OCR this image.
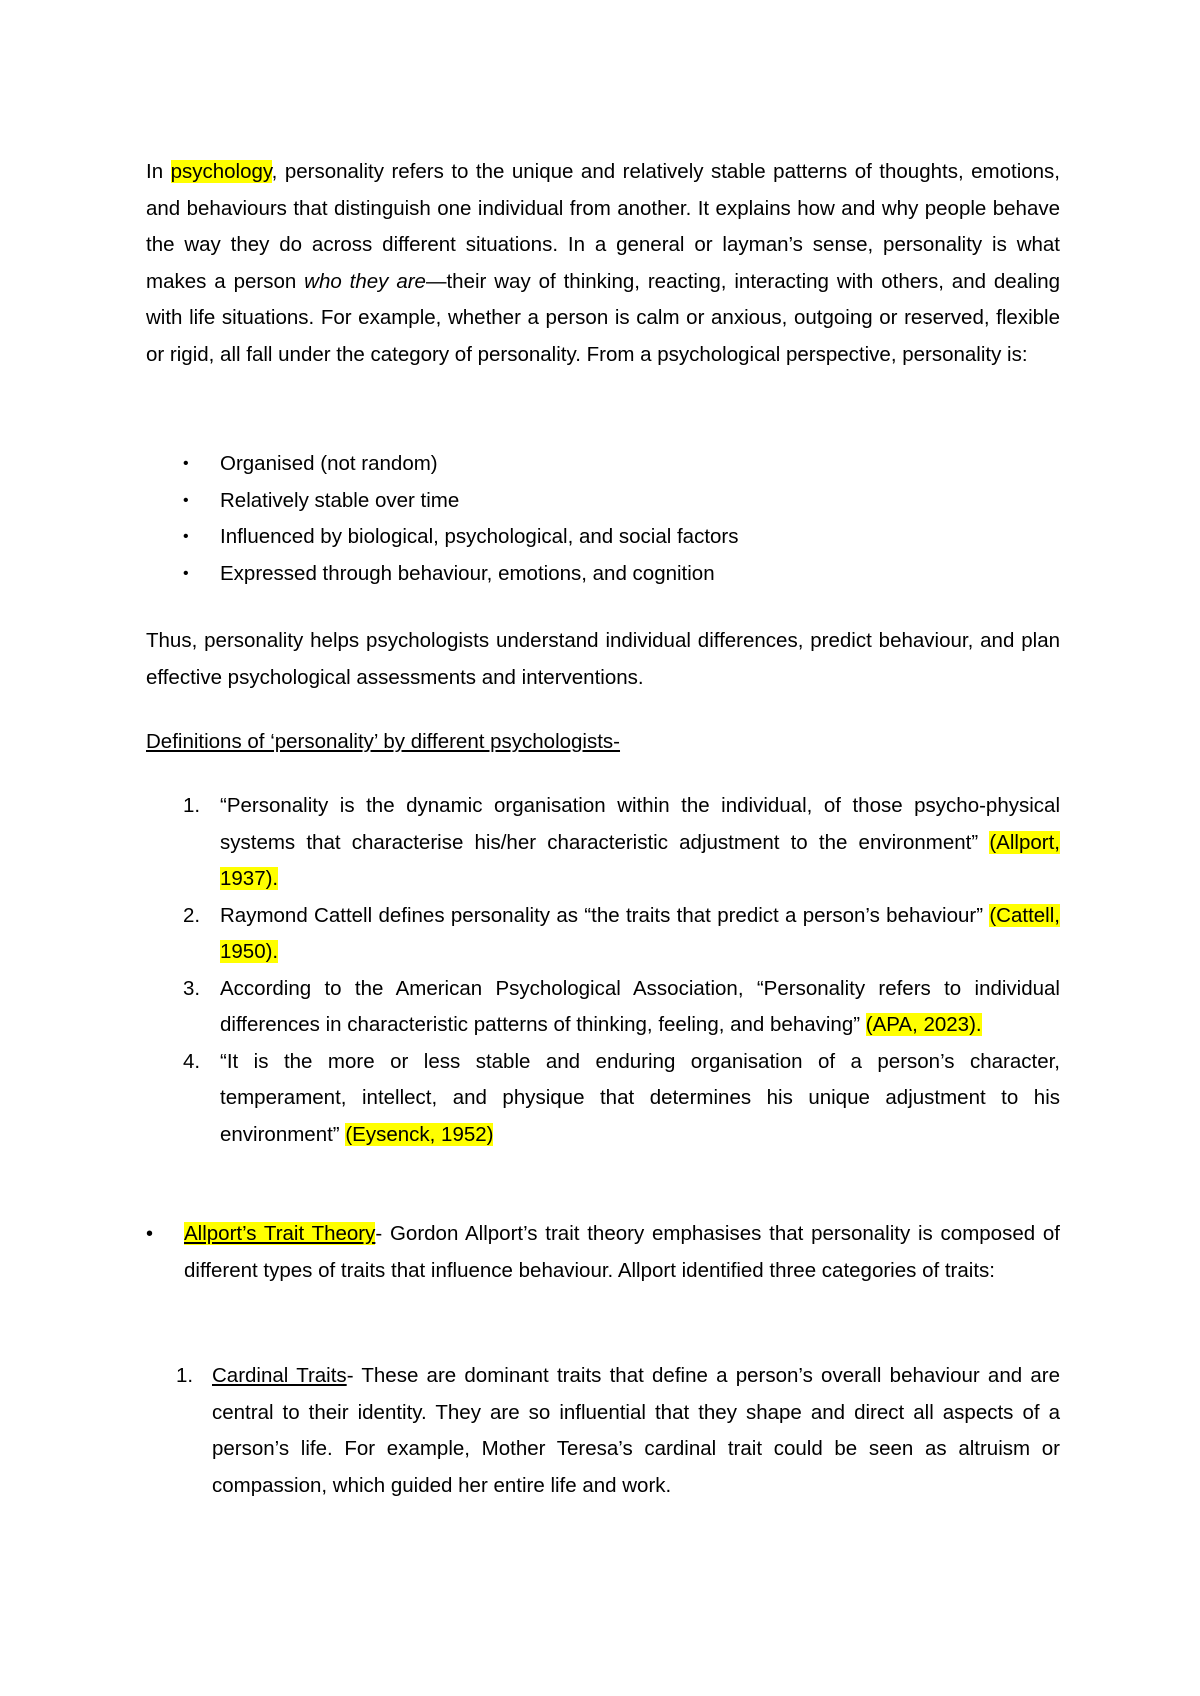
In psychology, personality refers to the unique and relatively stable patterns of thoughts, emotions, and behaviours that distinguish one individual from another. It explains how and why people behave the way they do across different situations. In a general or layman’s sense, personality is what makes a person who they are—their way of thinking, reacting, interacting with others, and dealing with life situations. For example, whether a person is calm or anxious, outgoing or reserved, flexible or rigid, all fall under the category of personality. From a psychological perspective, personality is:

• Organised (not random)
• Relatively stable over time
• Influenced by biological, psychological, and social factors
• Expressed through behaviour, emotions, and cognition

Thus, personality helps psychologists understand individual differences, predict behaviour, and plan effective psychological assessments and interventions.

Definitions of ‘personality’ by different psychologists-

1. “Personality is the dynamic organisation within the individual, of those psycho-physical systems that characterise his/her characteristic adjustment to the environment” (Allport, 1937).
2. Raymond Cattell defines personality as “the traits that predict a person’s behaviour” (Cattell, 1950).
3. According to the American Psychological Association, “Personality refers to individual differences in characteristic patterns of thinking, feeling, and behaving” (APA, 2023).
4. “It is the more or less stable and enduring organisation of a person’s character, temperament, intellect, and physique that determines his unique adjustment to his environment” (Eysenck, 1952)
• Allport’s Trait Theory- Gordon Allport’s trait theory emphasises that personality is composed of different types of traits that influence behaviour. Allport identified three categories of traits:

1. Cardinal Traits- These are dominant traits that define a person’s overall behaviour and are central to their identity. They are so influential that they shape and direct all aspects of a person’s life. For example, Mother Teresa’s cardinal trait could be seen as altruism or compassion, which guided her entire life and work.
